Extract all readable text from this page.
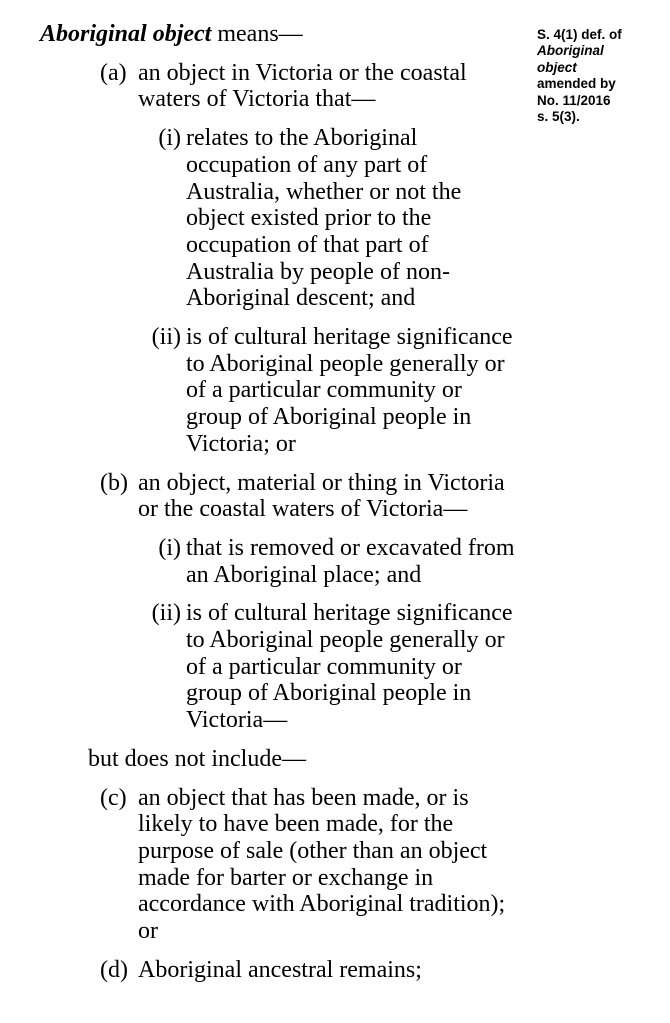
Aboriginal object means—

(a) an object in Victoria or the coastal waters of Victoria that—
(i) relates to the Aboriginal occupation of any part of Australia, whether or not the object existed prior to the occupation of that part of Australia by people of non-Aboriginal descent; and
(ii) is of cultural heritage significance to Aboriginal people generally or of a particular community or group of Aboriginal people in Victoria; or
(b) an object, material or thing in Victoria or the coastal waters of Victoria—
(i) that is removed or excavated from an Aboriginal place; and
(ii) is of cultural heritage significance to Aboriginal people generally or of a particular community or group of Aboriginal people in Victoria—
but does not include—
(c) an object that has been made, or is likely to have been made, for the purpose of sale (other than an object made for barter or exchange in accordance with Aboriginal tradition); or
(d) Aboriginal ancestral remains;
S. 4(1) def. of
Aboriginal
object
amended by
No. 11/2016
s. 5(3).
